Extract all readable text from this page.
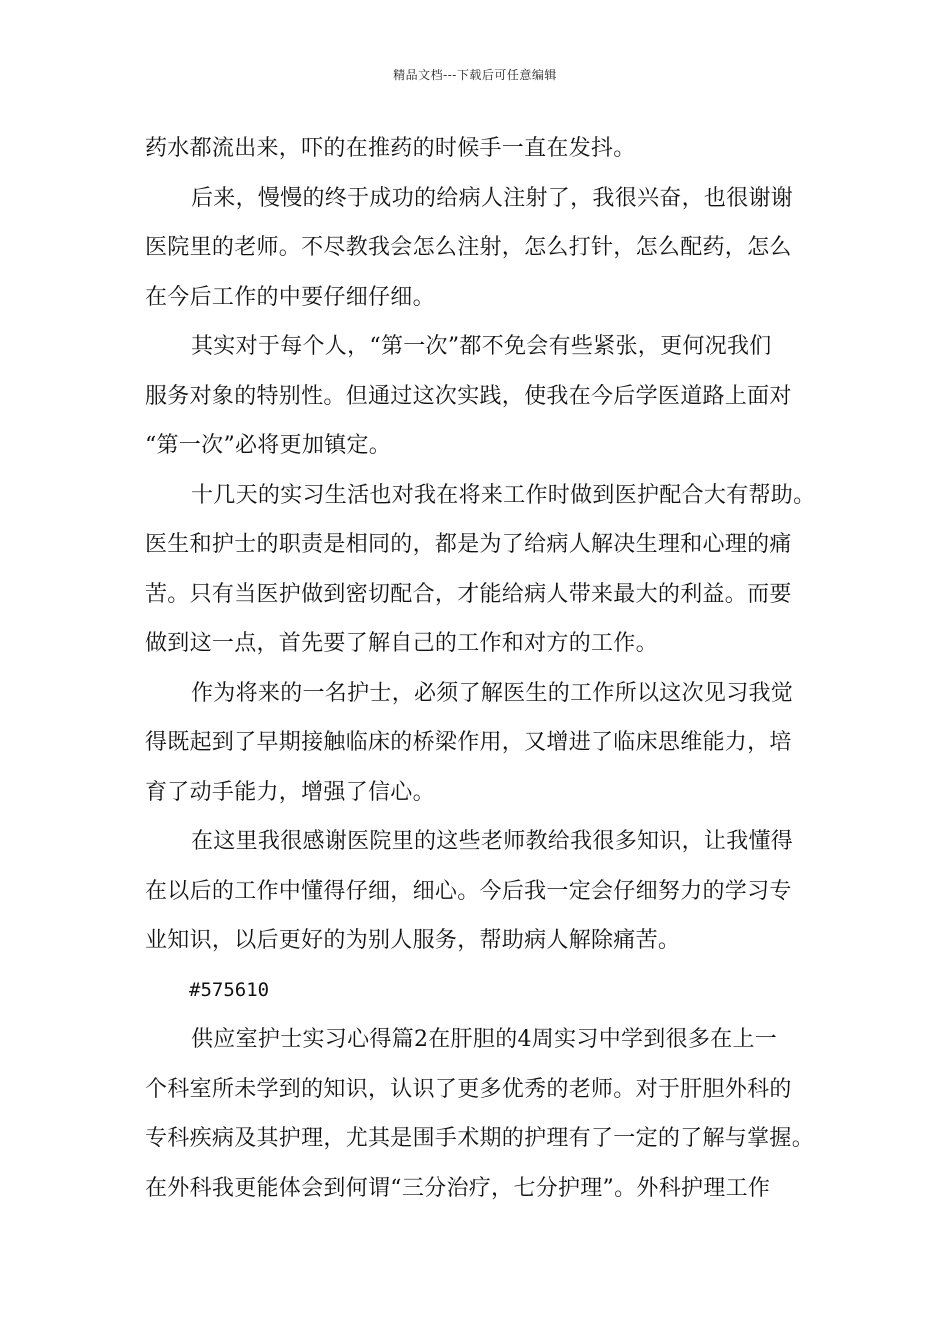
精品文档---下载后可任意编辑
药水都流出来，吓的在推药的时候手一直在发抖。
后来，慢慢的终于成功的给病人注射了，我很兴奋，也很谢谢
医院里的老师。不尽教我会怎么注射，怎么打针，怎么配药，怎么
在今后工作的中要仔细仔细。
其实对于每个人，“第一次”都不免会有些紧张，更何况我们
服务对象的特别性。但通过这次实践，使我在今后学医道路上面对
“第一次”必将更加镇定。
十几天的实习生活也对我在将来工作时做到医护配合大有帮助。
医生和护士的职责是相同的，都是为了给病人解决生理和心理的痛
苦。只有当医护做到密切配合，才能给病人带来最大的利益。而要
做到这一点，首先要了解自己的工作和对方的工作。
作为将来的一名护士，必须了解医生的工作所以这次见习我觉
得既起到了早期接触临床的桥梁作用，又增进了临床思维能力，培
育了动手能力，增强了信心。
在这里我很感谢医院里的这些老师教给我很多知识，让我懂得
在以后的工作中懂得仔细，细心。今后我一定会仔细努力的学习专
业知识，以后更好的为别人服务，帮助病人解除痛苦。
#575610
供应室护士实习心得篇2在肝胆的4周实习中学到很多在上一
个科室所未学到的知识，认识了更多优秀的老师。对于肝胆外科的
专科疾病及其护理，尤其是围手术期的护理有了一定的了解与掌握。
在外科我更能体会到何谓“三分治疗，七分护理”。外科护理工作
